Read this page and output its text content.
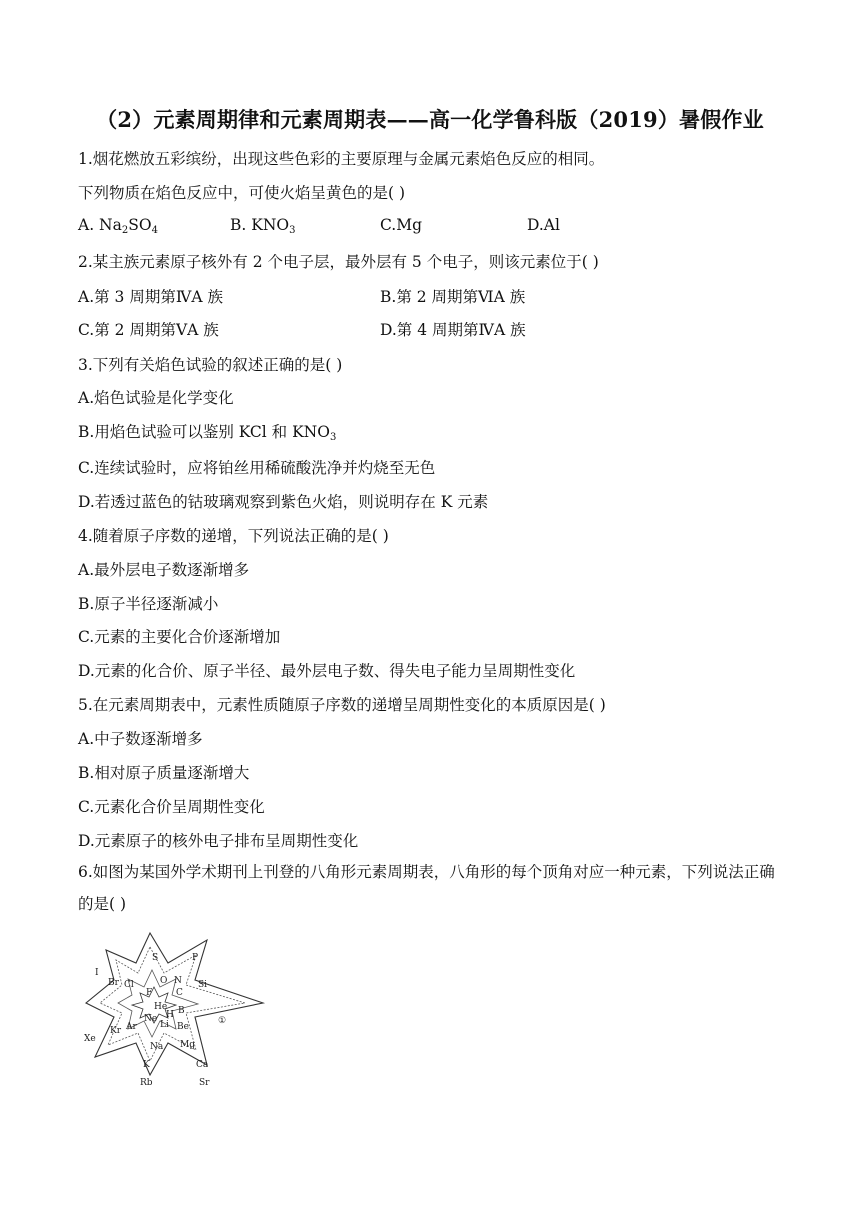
（2）元素周期律和元素周期表——高一化学鲁科版（2019）暑假作业
1.烟花燃放五彩缤纷，出现这些色彩的主要原理与金属元素焰色反应的相同。
下列物质在焰色反应中，可使火焰呈黄色的是( )
A. $Na_2SO_4$	B. $KNO_3$	C.Mg	D.Al
2.某主族元素原子核外有 2 个电子层，最外层有 5 个电子，则该元素位于( )
A.第 3 周期第ⅣA 族	B.第 2 周期第ⅥA 族
C.第 2 周期第ⅤA 族	D.第 4 周期第ⅣA 族
3.下列有关焰色试验的叙述正确的是( )
A.焰色试验是化学变化
B.用焰色试验可以鉴别 KCl 和 $KNO_3$
C.连续试验时，应将铂丝用稀硫酸洗净并灼烧至无色
D.若透过蓝色的钴玻璃观察到紫色火焰，则说明存在 K 元素
4.随着原子序数的递增，下列说法正确的是( )
A.最外层电子数逐渐增多
B.原子半径逐渐减小
C.元素的主要化合价逐渐增加
D.元素的化合价、原子半径、最外层电子数、得失电子能力呈周期性变化
5.在元素周期表中，元素性质随原子序数的递增呈周期性变化的本质原因是( )
A.中子数逐渐增多
B.相对原子质量逐渐增大
C.元素化合价呈周期性变化
D.元素原子的核外电子排布呈周期性变化
6.如图为某国外学术期刊上刊登的八角形元素周期表，八角形的每个顶角对应一种元素，下列说法正确的是( )
S	P
Si
Cl
Br
I
O N
F	C
He
Ne H B
Li Be
Ar
Kr
Xe
Na Mg
K	Ca
Rb	Sr
①
